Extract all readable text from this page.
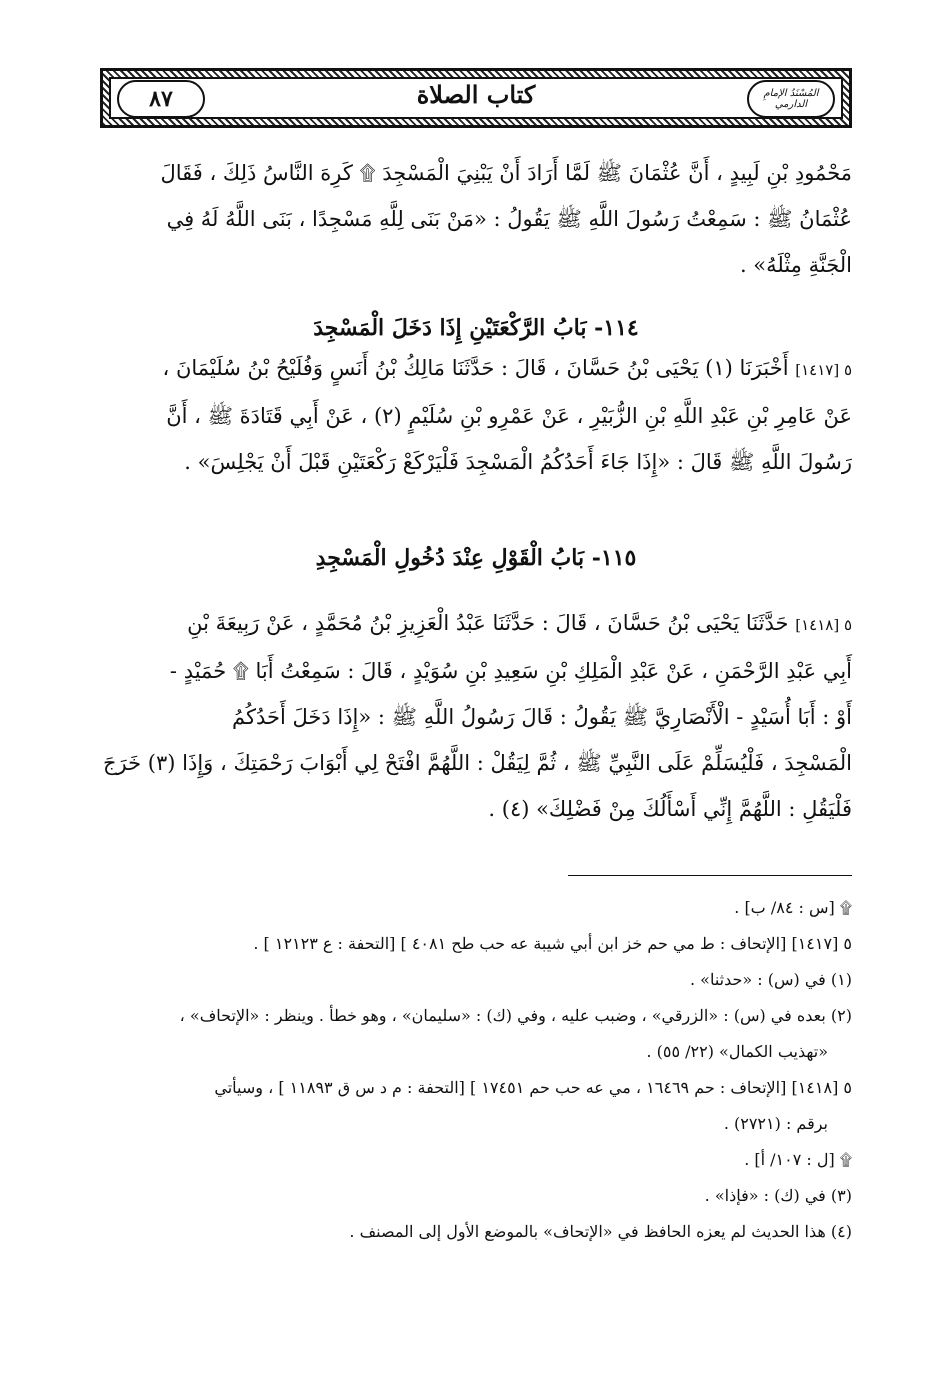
٨٧	كتاب الصلاة	المُسْنَدُ الإمامِ الدارمي

مَحْمُودِ بْنِ لَبِيدٍ ، أَنَّ عُثْمَانَ ﷺ لَمَّا أَرَادَ أَنْ يَبْنِيَ الْمَسْجِدَ ۩ كَرِهَ النَّاسُ ذَلِكَ ، فَقَالَ

عُثْمَانُ ﷺ : سَمِعْتُ رَسُولَ اللَّهِ ﷺ يَقُولُ : «مَنْ بَنَى لِلَّهِ مَسْجِدًا ، بَنَى اللَّهُ لَهُ فِي

الْجَنَّةِ مِثْلَهُ» .

١١٤- بَابُ الرَّكْعَتَيْنِ إِذَا دَخَلَ الْمَسْجِدَ

٥ [١٤١٧] أَخْبَرَنَا (١) يَحْيَى بْنُ حَسَّانَ ، قَالَ : حَدَّثَنَا مَالِكُ بْنُ أَنَسٍ وَفُلَيْحُ بْنُ سُلَيْمَانَ ،

عَنْ عَامِرِ بْنِ عَبْدِ اللَّهِ بْنِ الزُّبَيْرِ ، عَنْ عَمْرِو بْنِ سُلَيْمٍ (٢) ، عَنْ أَبِي قَتَادَةَ ﷺ ، أَنَّ

رَسُولَ اللَّهِ ﷺ قَالَ : «إِذَا جَاءَ أَحَدُكُمُ الْمَسْجِدَ فَلْيَرْكَعْ رَكْعَتَيْنِ قَبْلَ أَنْ يَجْلِسَ» .

١١٥- بَابُ الْقَوْلِ عِنْدَ دُخُولِ الْمَسْجِدِ

٥ [١٤١٨] حَدَّثَنَا يَحْيَى بْنُ حَسَّانَ ، قَالَ : حَدَّثَنَا عَبْدُ الْعَزِيزِ بْنُ مُحَمَّدٍ ، عَنْ رَبِيعَةَ بْنِ

أَبِي عَبْدِ الرَّحْمَنِ ، عَنْ عَبْدِ الْمَلِكِ بْنِ سَعِيدِ بْنِ سُوَيْدٍ ، قَالَ : سَمِعْتُ أَبَا ۩ حُمَيْدٍ -

أَوْ : أَبَا أُسَيْدٍ - الْأَنْصَارِيَّ ﷺ يَقُولُ : قَالَ رَسُولُ اللَّهِ ﷺ : «إِذَا دَخَلَ أَحَدُكُمُ

الْمَسْجِدَ ، فَلْيُسَلِّمْ عَلَى النَّبِيِّ ﷺ ، ثُمَّ لِيَقُلْ : اللَّهُمَّ افْتَحْ لِي أَبْوَابَ رَحْمَتِكَ ، وَإِذَا (٣) خَرَجَ

فَلْيَقُلِ : اللَّهُمَّ إِنِّي أَسْأَلُكَ مِنْ فَضْلِكَ» (٤) .

۩ [س : ٨٤/ ب] .

٥ [١٤١٧] [الإتحاف : ط مي حم خز ابن أبي شيبة عه حب طح ٤٠٨١ ] [التحفة : ع ١٢١٢٣ ] .

(١) في (س) : «حدثنا» .

(٢) بعده في (س) : «الزرقي» ، وضبب عليه ، وفي (ك) : «سليمان» ، وهو خطأ . وينظر : «الإتحاف» ،

«تهذيب الكمال» (٢٢/ ٥٥) .

٥ [١٤١٨] [الإتحاف : حم ١٦٤٦٩ ، مي عه حب حم ١٧٤٥١ ] [التحفة : م د س ق ١١٨٩٣ ] ، وسيأتي

برقم : (٢٧٢١) .

۩ [ل : ١٠٧/ أ] .

(٣) في (ك) : «فإذا» .

(٤) هذا الحديث لم يعزه الحافظ في «الإتحاف» بالموضع الأول إلى المصنف .
